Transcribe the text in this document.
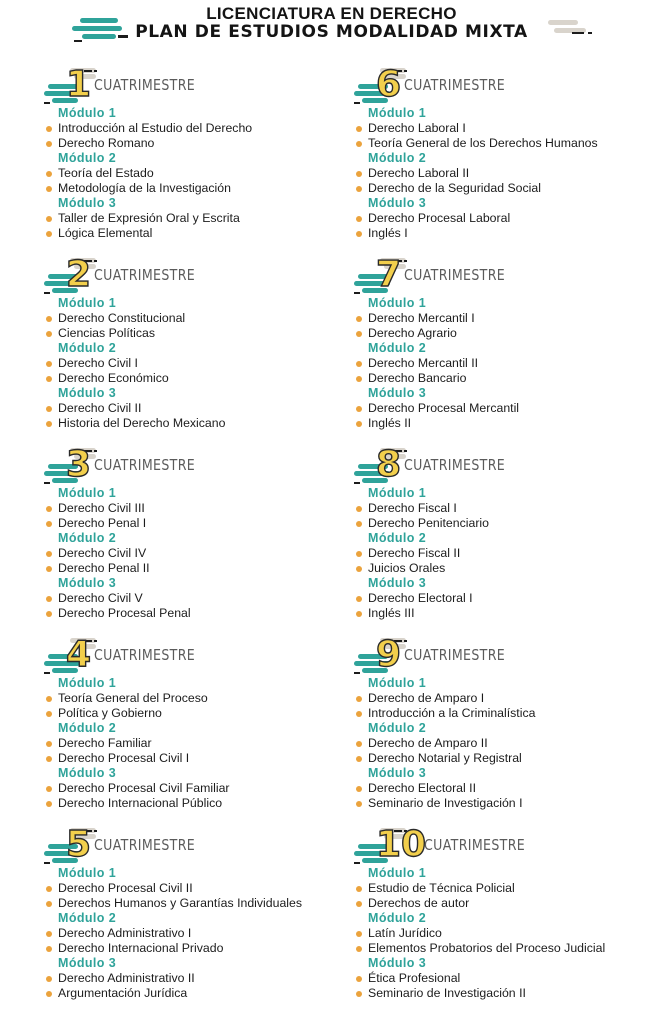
LICENCIATURA EN DERECHO
PLAN DE ESTUDIOS MODALIDAD MIXTA
1 CUATRIMESTRE
Módulo 1
Introducción al Estudio del Derecho
Derecho Romano
Módulo 2
Teoría del Estado
Metodología de la Investigación
Módulo 3
Taller de Expresión Oral y Escrita
Lógica Elemental
2 CUATRIMESTRE
Módulo 1
Derecho Constitucional
Ciencias Políticas
Módulo 2
Derecho Civil I
Derecho Económico
Módulo 3
Derecho Civil II
Historia del Derecho Mexicano
3 CUATRIMESTRE
Módulo 1
Derecho Civil III
Derecho Penal I
Módulo 2
Derecho Civil IV
Derecho Penal II
Módulo 3
Derecho Civil V
Derecho Procesal Penal
4 CUATRIMESTRE
Módulo 1
Teoría General del Proceso
Política y Gobierno
Módulo 2
Derecho Familiar
Derecho Procesal Civil I
Módulo 3
Derecho Procesal Civil Familiar
Derecho Internacional Público
5 CUATRIMESTRE
Módulo 1
Derecho Procesal Civil II
Derechos Humanos y Garantías Individuales
Módulo 2
Derecho Administrativo I
Derecho Internacional Privado
Módulo 3
Derecho Administrativo II
Argumentación Jurídica
6 CUATRIMESTRE
Módulo 1
Derecho Laboral I
Teoría General de los Derechos Humanos
Módulo 2
Derecho Laboral II
Derecho de la Seguridad Social
Módulo 3
Derecho Procesal Laboral
Inglés I
7 CUATRIMESTRE
Módulo 1
Derecho Mercantil I
Derecho Agrario
Módulo 2
Derecho Mercantil II
Derecho Bancario
Módulo 3
Derecho Procesal Mercantil
Inglés II
8 CUATRIMESTRE
Módulo 1
Derecho Fiscal I
Derecho Penitenciario
Módulo 2
Derecho Fiscal II
Juicios Orales
Módulo 3
Derecho Electoral I
Inglés III
9 CUATRIMESTRE
Módulo 1
Derecho de Amparo I
Introducción a la Criminalística
Módulo 2
Derecho de Amparo II
Derecho Notarial y Registral
Módulo 3
Derecho Electoral II
Seminario de Investigación I
10
CUATRIMESTRE
Módulo 1
Estudio de Técnica Policial
Derechos de autor
Módulo 2
Latín Jurídico
Elementos Probatorios del Proceso Judicial
Módulo 3
Ética Profesional
Seminario de Investigación II
